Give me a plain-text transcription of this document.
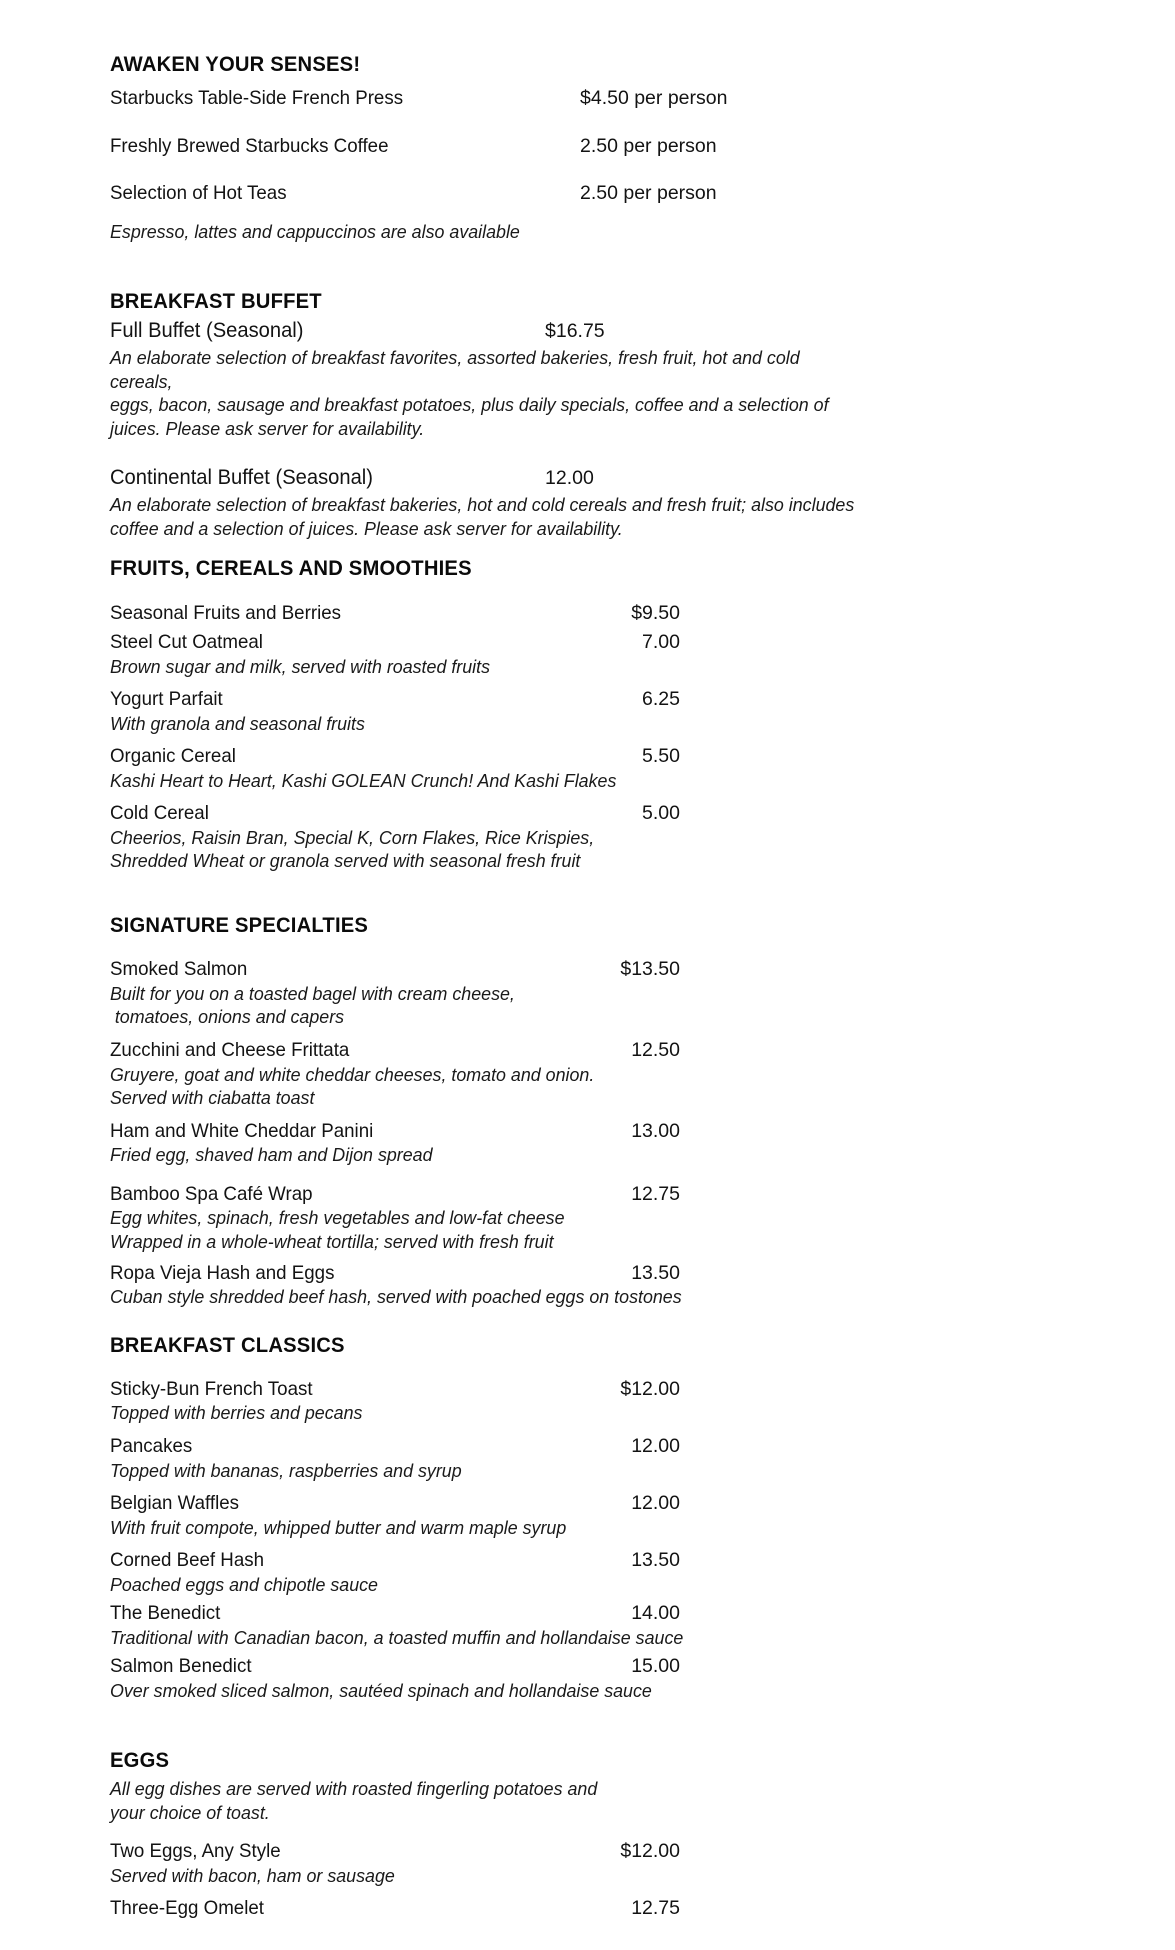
AWAKEN YOUR SENSES!
Starbucks Table-Side French Press	$4.50 per person
Freshly Brewed Starbucks Coffee	2.50 per person
Selection of Hot Teas	2.50 per person
Espresso, lattes and cappuccinos are also available
BREAKFAST BUFFET
Full Buffet (Seasonal)	$16.75
An elaborate selection of breakfast favorites, assorted bakeries, fresh fruit, hot and cold cereals,
eggs, bacon, sausage and breakfast potatoes, plus daily specials, coffee and a selection of
juices. Please ask server for availability.
Continental Buffet (Seasonal)	12.00
An elaborate selection of breakfast bakeries, hot and cold cereals and fresh fruit; also includes
coffee and a selection of juices. Please ask server for availability.
FRUITS, CEREALS AND SMOOTHIES
Seasonal Fruits and Berries	$9.50
Steel Cut Oatmeal	7.00
Brown sugar and milk, served with roasted fruits
Yogurt Parfait	6.25
With granola and seasonal fruits
Organic Cereal	5.50
Kashi Heart to Heart, Kashi GOLEAN Crunch! And Kashi Flakes
Cold Cereal	5.00
Cheerios, Raisin Bran, Special K, Corn Flakes, Rice Krispies,
Shredded Wheat or granola served with seasonal fresh fruit
SIGNATURE SPECIALTIES
Smoked Salmon	$13.50
Built for you on a toasted bagel with cream cheese,
tomatoes, onions and capers
Zucchini and Cheese Frittata	12.50
Gruyere, goat and white cheddar cheeses, tomato and onion.
Served with ciabatta toast
Ham and White Cheddar Panini	13.00
Fried egg, shaved ham and Dijon spread
Bamboo Spa Café Wrap	12.75
Egg whites, spinach, fresh vegetables and low-fat cheese
Wrapped in a whole-wheat tortilla; served with fresh fruit
Ropa Vieja Hash and Eggs	13.50
Cuban style shredded beef hash, served with poached eggs on tostones
BREAKFAST CLASSICS
Sticky-Bun French Toast	$12.00
Topped with berries and pecans
Pancakes	12.00
Topped with bananas, raspberries and syrup
Belgian Waffles	12.00
With fruit compote, whipped butter and warm maple syrup
Corned Beef Hash	13.50
Poached eggs and chipotle sauce
The Benedict	14.00
Traditional with Canadian bacon, a toasted muffin and hollandaise sauce
Salmon Benedict	15.00
Over smoked sliced salmon, sautéed spinach and hollandaise sauce
EGGS
All egg dishes are served with roasted fingerling potatoes and
your choice of toast.
Two Eggs, Any Style	$12.00
Served with bacon, ham or sausage
Three-Egg Omelet	12.75
